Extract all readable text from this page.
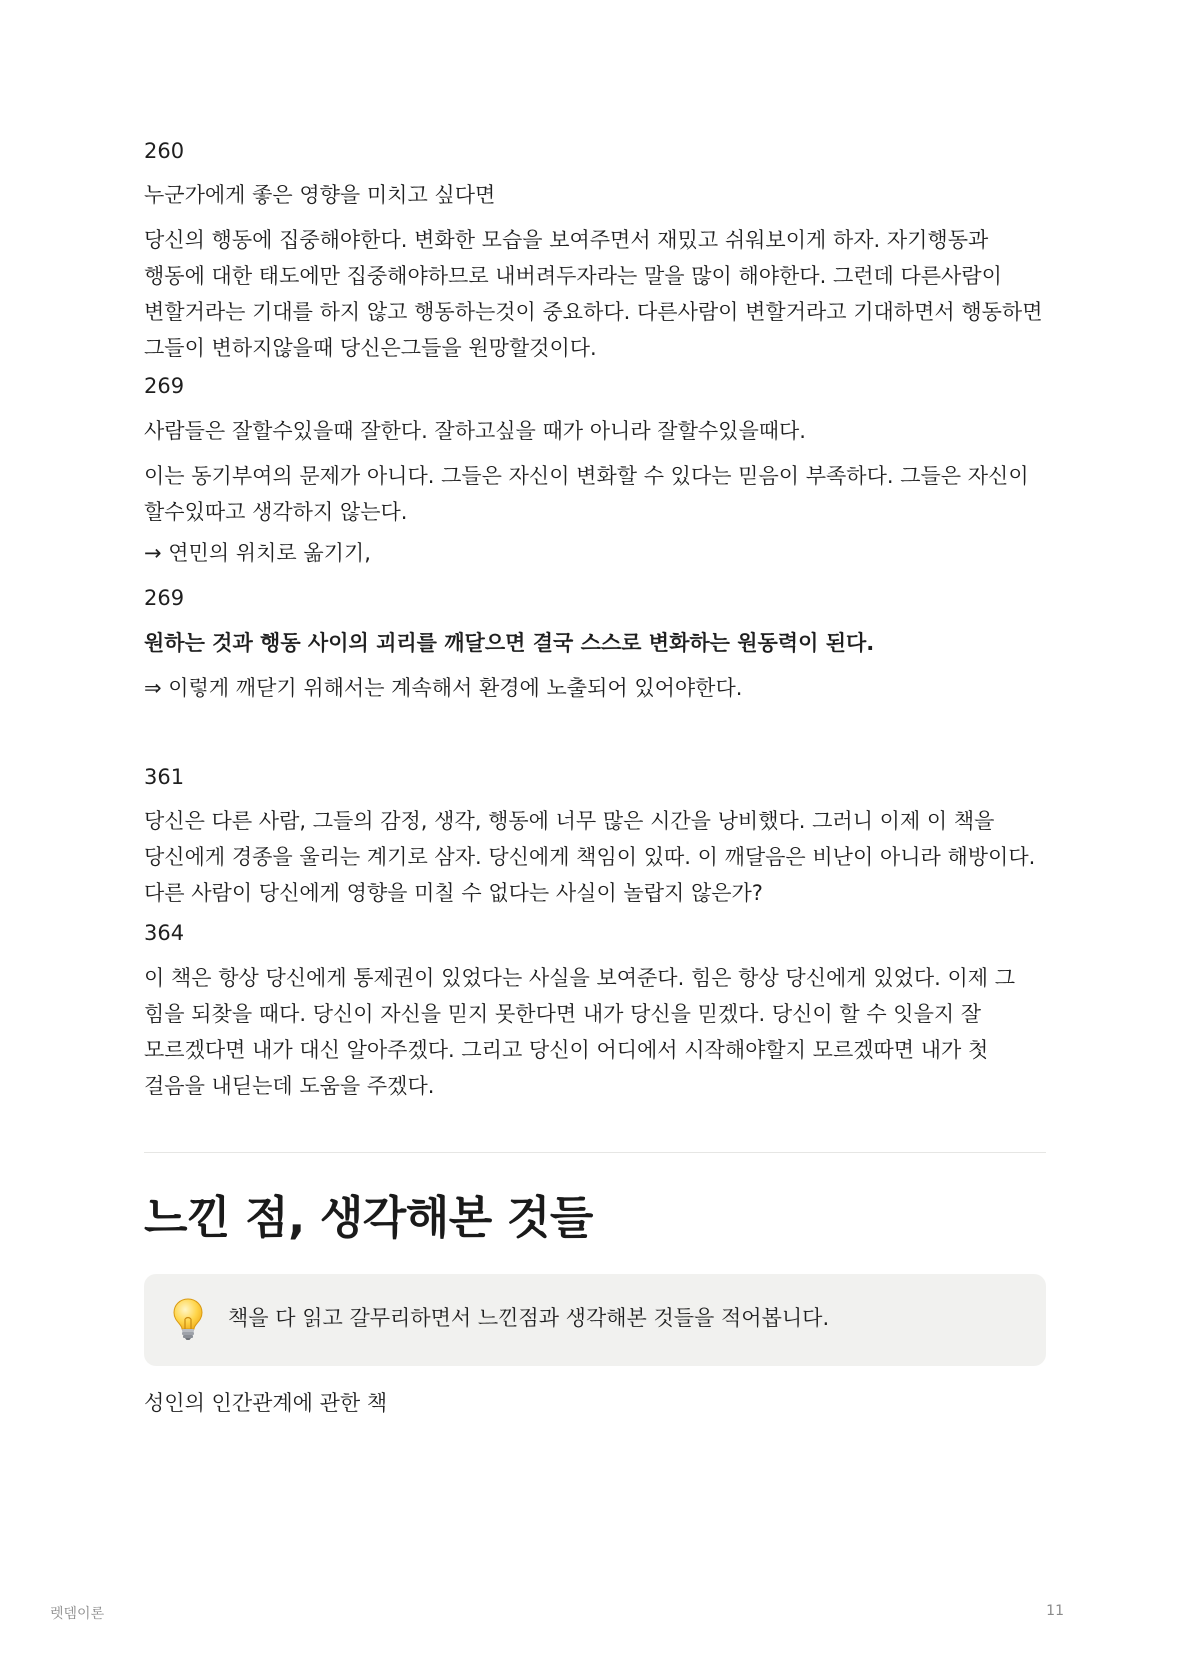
260

누군가에게 좋은 영향을 미치고 싶다면

당신의 행동에 집중해야한다. 변화한 모습을 보여주면서 재밌고 쉬워보이게 하자. 자기행동과 행동에 대한 태도에만 집중해야하므로 내버려두자라는 말을 많이 해야한다. 그런데 다른사람이 변할거라는 기대를 하지 않고 행동하는것이 중요하다. 다른사람이 변할거라고 기대하면서 행동하면 그들이 변하지않을때 당신은그들을 원망할것이다.

269

사람들은 잘할수있을때 잘한다. 잘하고싶을 때가 아니라 잘할수있을때다.

이는 동기부여의 문제가 아니다. 그들은 자신이 변화할 수 있다는 믿음이 부족하다. 그들은 자신이 할수있따고 생각하지 않는다.

→ 연민의 위치로 옮기기,

269

원하는 것과 행동 사이의 괴리를 깨달으면 결국 스스로 변화하는 원동력이 된다.

⇒ 이렇게 깨닫기 위해서는 계속해서 환경에 노출되어 있어야한다.

361

당신은 다른 사람, 그들의 감정, 생각, 행동에 너무 많은 시간을 낭비했다. 그러니 이제 이 책을 당신에게 경종을 울리는 계기로 삼자. 당신에게 책임이 있따. 이 깨달음은 비난이 아니라 해방이다. 다른 사람이 당신에게 영향을 미칠 수 없다는 사실이 놀랍지 않은가?

364

이 책은 항상 당신에게 통제권이 있었다는 사실을 보여준다. 힘은 항상 당신에게 있었다. 이제 그 힘을 되찾을 때다. 당신이 자신을 믿지 못한다면 내가 당신을 믿겠다. 당신이 할 수 잇을지 잘 모르겠다면 내가 대신 알아주겠다. 그리고 당신이 어디에서 시작해야할지 모르겠따면 내가 첫 걸음을 내딛는데 도움을 주겠다.

느낀 점, 생각해본 것들

책을 다 읽고 갈무리하면서 느낀점과 생각해본 것들을 적어봅니다.

성인의 인간관계에 관한 책

렛뎀이론	11
